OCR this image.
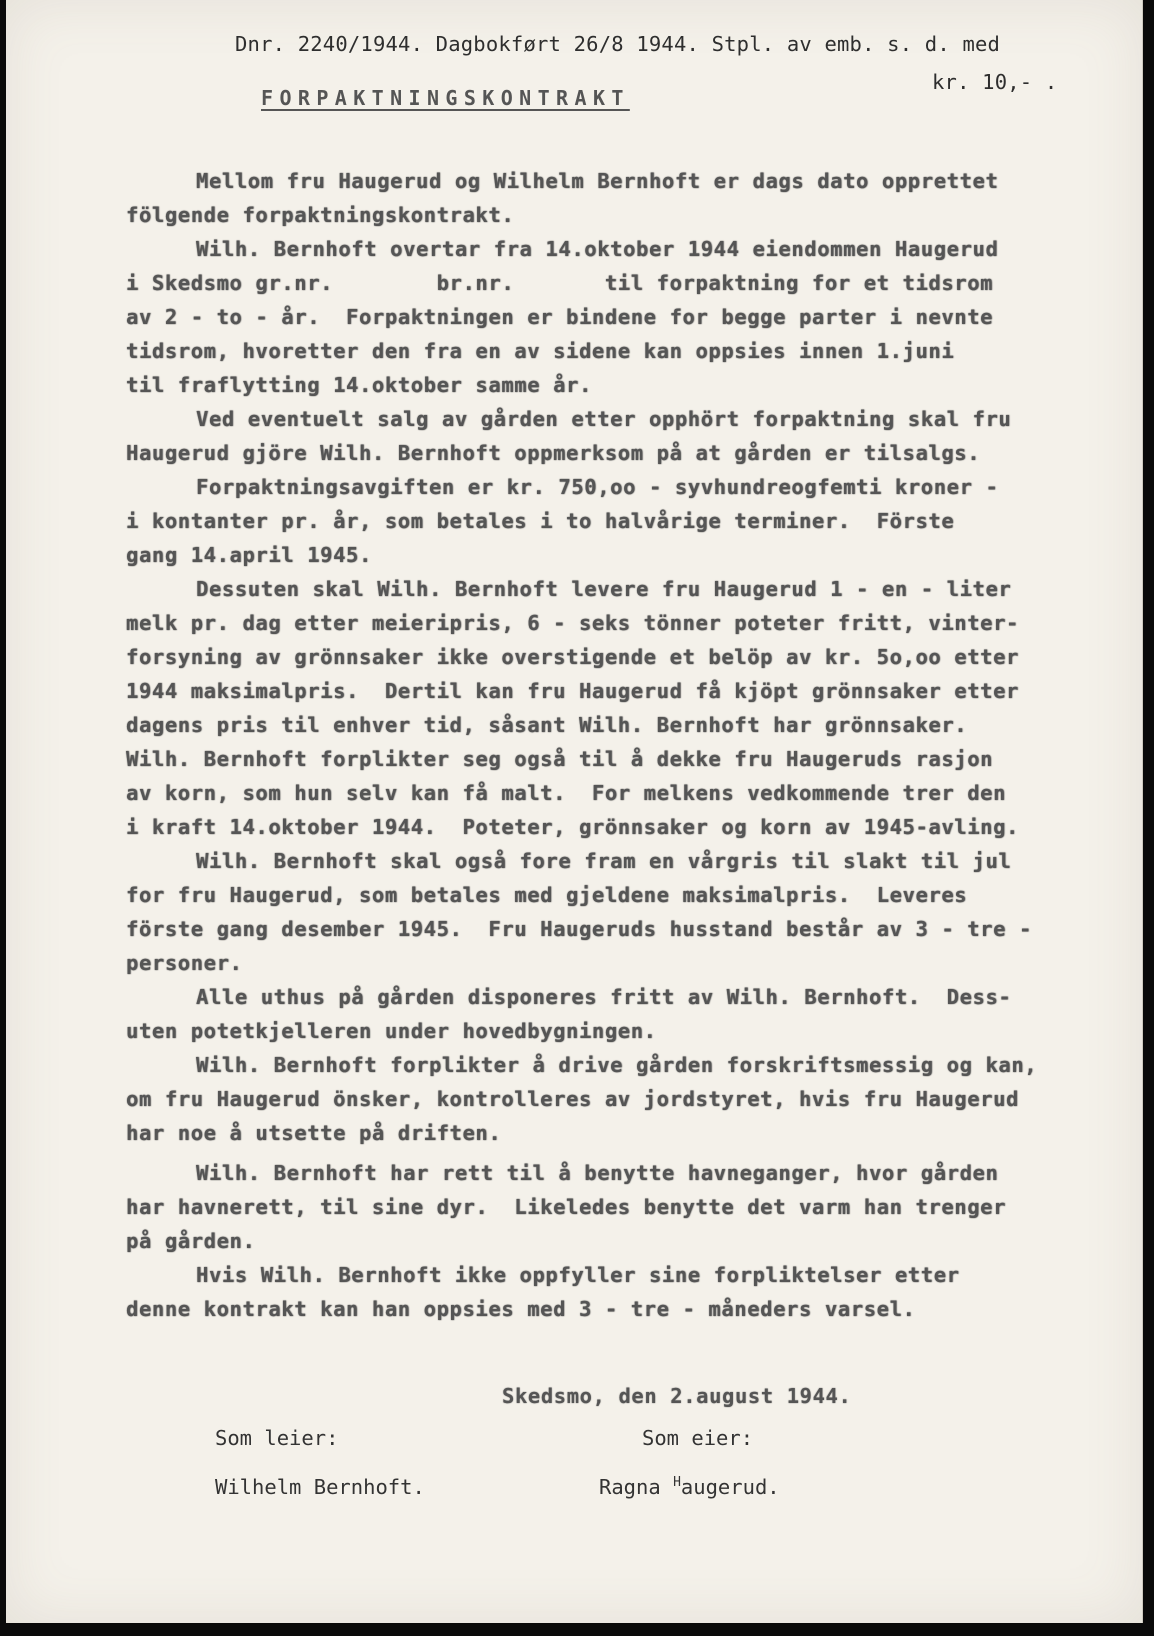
Dnr. 2240/1944. Dagbokført 26/8 1944. Stpl. av emb. s. d. med
kr. 10,- .
FORPAKTNINGSKONTRAKT
Mellom fru Haugerud og Wilhelm Bernhoft er dags dato opprettet
fölgende forpaktningskontrakt.
Wilh. Bernhoft overtar fra 14.oktober 1944 eiendommen Haugerud
i Skedsmo gr.nr.        br.nr.       til forpaktning for et tidsrom
av 2 - to - år.  Forpaktningen er bindene for begge parter i nevnte
tidsrom, hvoretter den fra en av sidene kan oppsies innen 1.juni
til fraflytting 14.oktober samme år.
Ved eventuelt salg av gården etter opphört forpaktning skal fru
Haugerud gjöre Wilh. Bernhoft oppmerksom på at gården er tilsalgs.
Forpaktningsavgiften er kr. 750,oo - syvhundreogfemti kroner -
i kontanter pr. år, som betales i to halvårige terminer.  Förste
gang 14.april 1945.
Dessuten skal Wilh. Bernhoft levere fru Haugerud 1 - en - liter
melk pr. dag etter meieripris, 6 - seks tönner poteter fritt, vinter-
forsyning av grönnsaker ikke overstigende et belöp av kr. 5o,oo etter
1944 maksimalpris.  Dertil kan fru Haugerud få kjöpt grönnsaker etter
dagens pris til enhver tid, såsant Wilh. Bernhoft har grönnsaker.
Wilh. Bernhoft forplikter seg også til å dekke fru Haugeruds rasjon
av korn, som hun selv kan få malt.  For melkens vedkommende trer den
i kraft 14.oktober 1944.  Poteter, grönnsaker og korn av 1945-avling.
Wilh. Bernhoft skal også fore fram en vårgris til slakt til jul
for fru Haugerud, som betales med gjeldene maksimalpris.  Leveres
förste gang desember 1945.  Fru Haugeruds husstand består av 3 - tre -
personer.
Alle uthus på gården disponeres fritt av Wilh. Bernhoft.  Dess-
uten potetkjelleren under hovedbygningen.
Wilh. Bernhoft forplikter å drive gården forskriftsmessig og kan,
om fru Haugerud önsker, kontrolleres av jordstyret, hvis fru Haugerud
har noe å utsette på driften.
Wilh. Bernhoft har rett til å benytte havneganger, hvor gården
har havnerett, til sine dyr.  Likeledes benytte det varm han trenger
på gården.
Hvis Wilh. Bernhoft ikke oppfyller sine forpliktelser etter
denne kontrakt kan han oppsies med 3 - tre - måneders varsel.
Skedsmo, den 2.august 1944.
Som leier:	Som eier:
Wilhelm Bernhoft.	Ragna $^H$augerud.
